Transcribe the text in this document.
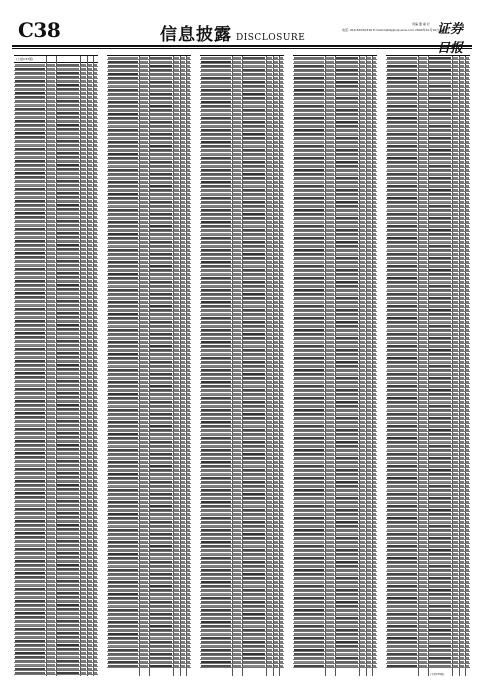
C38	信息披露 DISCLOSURE
责编 董 重 栏
电话: 010-63070316 E-mail:zqtzzj@vip.sina.com 2009年10月10日 星期六
证券
(上接C37版)
(下转C39版)
